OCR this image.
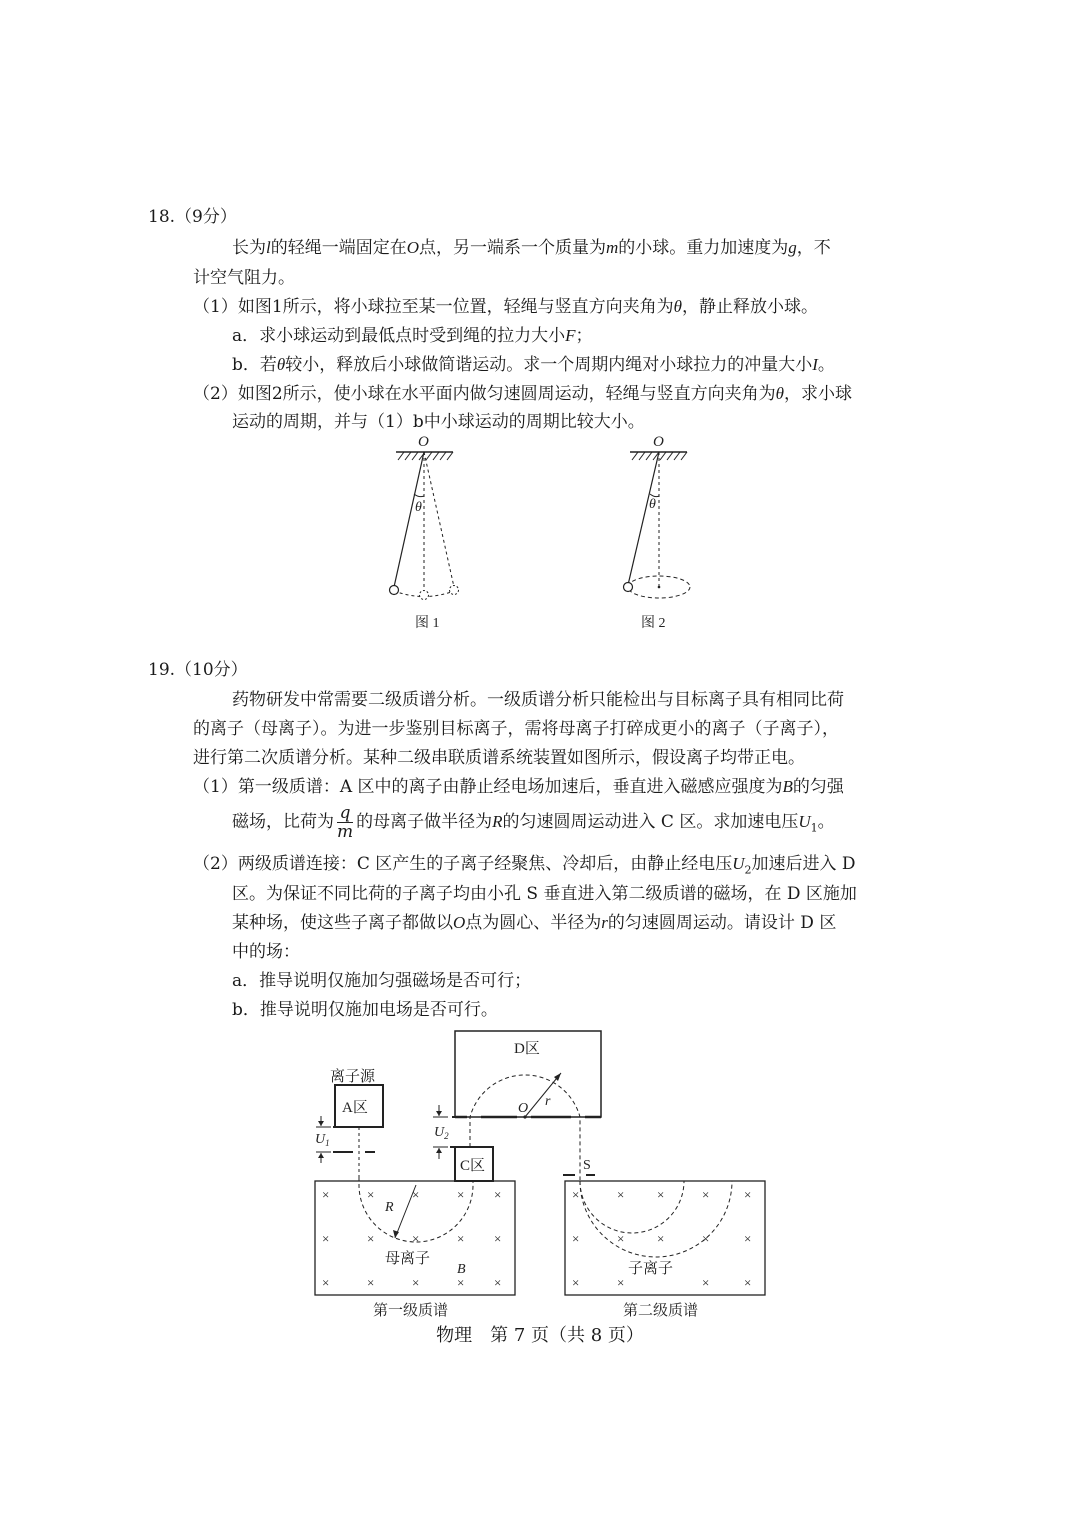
18.（9分）
长为l的轻绳一端固定在O点，另一端系一个质量为m的小球。重力加速度为g，不
计空气阻力。
（1）如图1所示，将小球拉至某一位置，轻绳与竖直方向夹角为θ，静止释放小球。
a．求小球运动到最低点时受到绳的拉力大小F；
b．若θ较小，释放后小球做简谐运动。求一个周期内绳对小球拉力的冲量大小I。
（2）如图2所示，使小球在水平面内做匀速圆周运动，轻绳与竖直方向夹角为θ，求小球
运动的周期，并与（1）b中小球运动的周期比较大小。
O
θ
图 1
O
θ
图 2
19.（10分）
药物研发中常需要二级质谱分析。一级质谱分析只能检出与目标离子具有相同比荷
的离子（母离子）。为进一步鉴别目标离子，需将母离子打碎成更小的离子（子离子），
进行第二次质谱分析。某种二级串联质谱系统装置如图所示，假设离子均带正电。
（1）第一级质谱：A 区中的离子由静止经电场加速后，垂直进入磁感应强度为B的匀强
磁场，比荷为 $\frac{q}{m}$ 的母离子做半径为R的匀速圆周运动进入 C 区。求加速电压$U_1$。
（2）两级质谱连接：C 区产生的子离子经聚焦、冷却后，由静止经电压$U_2$加速后进入 D
区。为保证不同比荷的子离子均由小孔 S 垂直进入第二级质谱的磁场，在 D 区施加
某种场，使这些子离子都做以O点为圆心、半径为r的匀速圆周运动。请设计 D 区
中的场：
a．推导说明仅施加匀强磁场是否可行；
b．推导说明仅施加电场是否可行。
离子源
A区
$U_1$
D区
O r
$U_2$
C区	S
R
母离子
B
×	×	×	× ×
×	×	×	× ×
×	×	×	× ×
第一级质谱
子离子
×	×	×	×	×
×	×	×	×	×
×	×	×	×
第二级质谱
物理　第 7 页（共 8 页）
